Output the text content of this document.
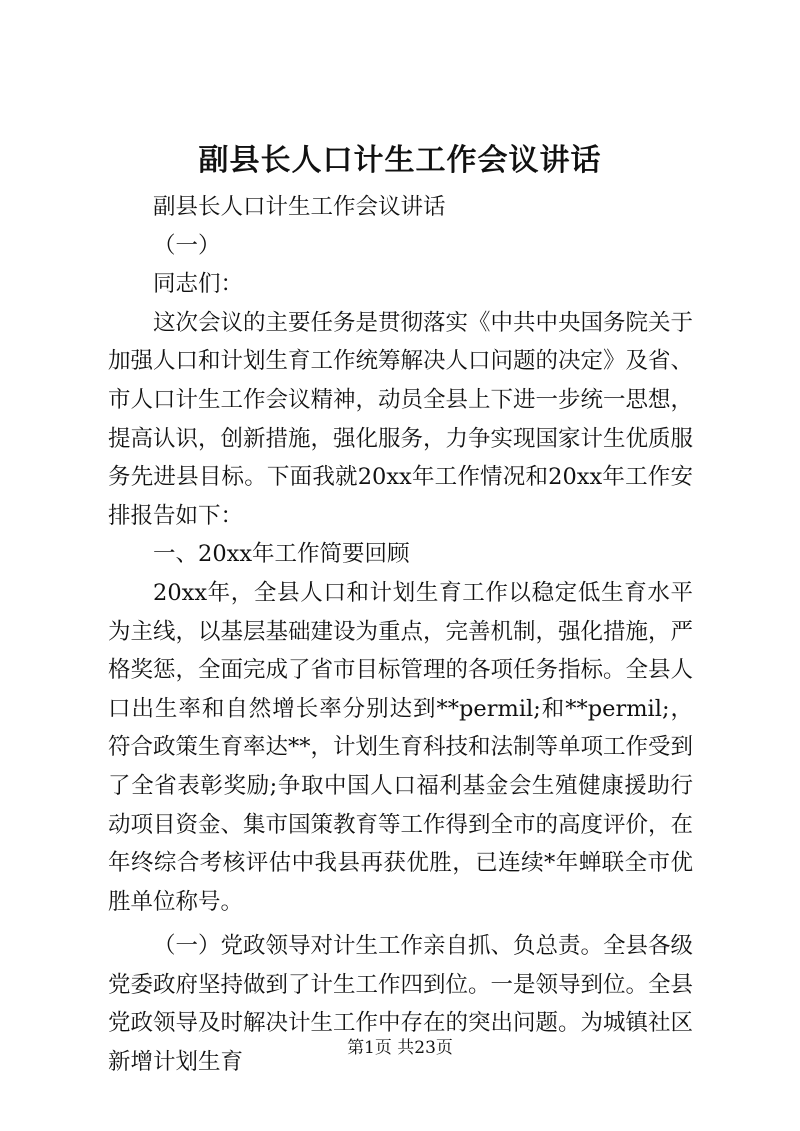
副县长人口计生工作会议讲话

副县长人口计生工作会议讲话

（一）

同志们：

这次会议的主要任务是贯彻落实《中共中央国务院关于加强人口和计划生育工作统筹解决人口问题的决定》及省、市人口计生工作会议精神，动员全县上下进一步统一思想，提高认识，创新措施，强化服务，力争实现国家计生优质服务先进县目标。下面我就20xx年工作情况和20xx年工作安排报告如下：

一、20xx年工作简要回顾

20xx年，全县人口和计划生育工作以稳定低生育水平为主线，以基层基础建设为重点，完善机制，强化措施，严格奖惩，全面完成了省市目标管理的各项任务指标。全县人口出生率和自然增长率分别达到**permil;和**permil;，符合政策生育率达**，计划生育科技和法制等单项工作受到了全省表彰奖励;争取中国人口福利基金会生殖健康援助行动项目资金、集市国策教育等工作得到全市的高度评价，在年终综合考核评估中我县再获优胜，已连续*年蝉联全市优胜单位称号。

（一）党政领导对计生工作亲自抓、负总责。全县各级党委政府坚持做到了计生工作四到位。一是领导到位。全县党政领导及时解决计生工作中存在的突出问题。为城镇社区新增计划生育

第1页 共23页
